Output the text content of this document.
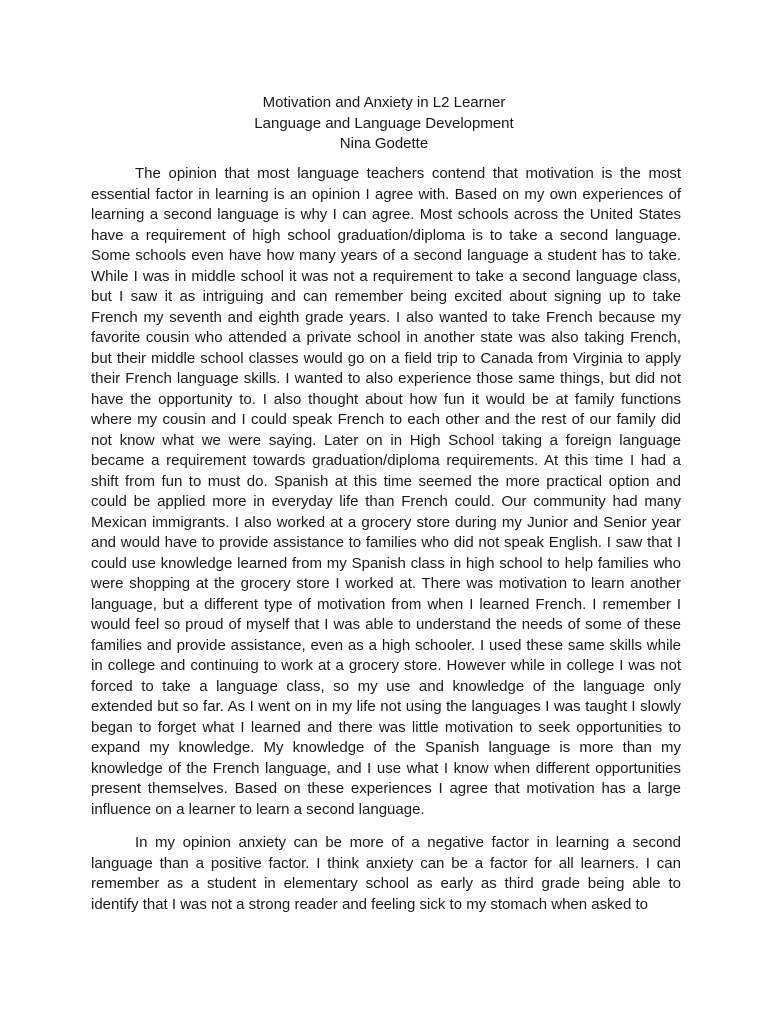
Motivation and Anxiety in L2 Learner
Language and Language Development
Nina Godette
The opinion that most language teachers contend that motivation is the most
essential factor in learning is an opinion I agree with. Based on my own experiences of
learning a second language is why I can agree. Most schools across the United States
have a requirement of high school graduation/diploma is to take a second language.
Some schools even have how many years of a second language a student has to take.
While I was in middle school it was not a requirement to take a second language class,
but I saw it as intriguing and can remember being excited about signing up to take
French my seventh and eighth grade years. I also wanted to take French because my
favorite cousin who attended a private school in another state was also taking French,
but their middle school classes would go on a field trip to Canada from Virginia to apply
their French language skills. I wanted to also experience those same things, but did not
have the opportunity to. I also thought about how fun it would be at family functions
where my cousin and I could speak French to each other and the rest of our family did
not know what we were saying. Later on in High School taking a foreign language
became a requirement towards graduation/diploma requirements. At this time I had a
shift from fun to must do. Spanish at this time seemed the more practical option and
could be applied more in everyday life than French could. Our community had many
Mexican immigrants. I also worked at a grocery store during my Junior and Senior year
and would have to provide assistance to families who did not speak English. I saw that I
could use knowledge learned from my Spanish class in high school to help families who
were shopping at the grocery store I worked at. There was motivation to learn another
language, but a different type of motivation from when I learned French. I remember I
would feel so proud of myself that I was able to understand the needs of some of these
families and provide assistance, even as a high schooler. I used these same skills while
in college and continuing to work at a grocery store. However while in college I was not
forced to take a language class, so my use and knowledge of the language only
extended but so far. As I went on in my life not using the languages I was taught I slowly
began to forget what I learned and there was little motivation to seek opportunities to
expand my knowledge. My knowledge of the Spanish language is more than my
knowledge of the French language, and I use what I know when different opportunities
present themselves. Based on these experiences I agree that motivation has a large
influence on a learner to learn a second language.
In my opinion anxiety can be more of a negative factor in learning a second
language than a positive factor. I think anxiety can be a factor for all learners. I can
remember as a student in elementary school as early as third grade being able to
identify that I was not a strong reader and feeling sick to my stomach when asked to
